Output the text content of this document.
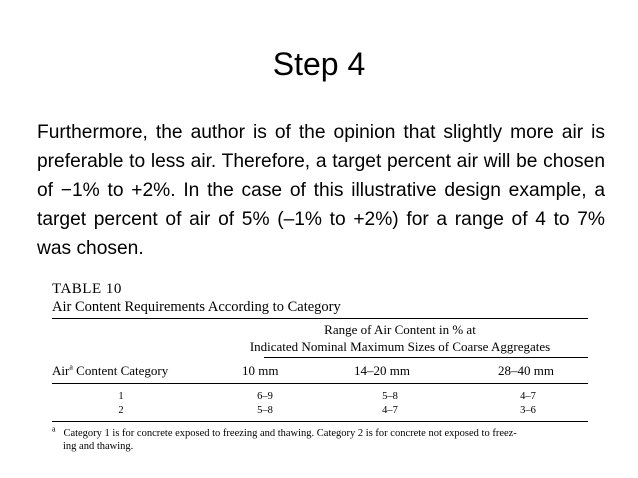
Step 4

Furthermore, the author is of the opinion that slightly more air is preferable to less air. Therefore, a target percent air will be chosen of −1% to +2%. In the case of this illustrative design example, a target percent of air of 5% (–1% to +2%) for a range of 4 to 7% was chosen.

TABLE 10
Air Content Requirements According to Category
Range of Air Content in % at
Indicated Nominal Maximum Sizes of Coarse Aggregates
Air$^a$ Content Category	10 mm	14–20 mm	28–40 mm
1	6–9	5–8	4–7
2	5–8	4–7	3–6
$^a$ Category 1 is for concrete exposed to freezing and thawing. Category 2 is for concrete not exposed to freez-
ing and thawing.
